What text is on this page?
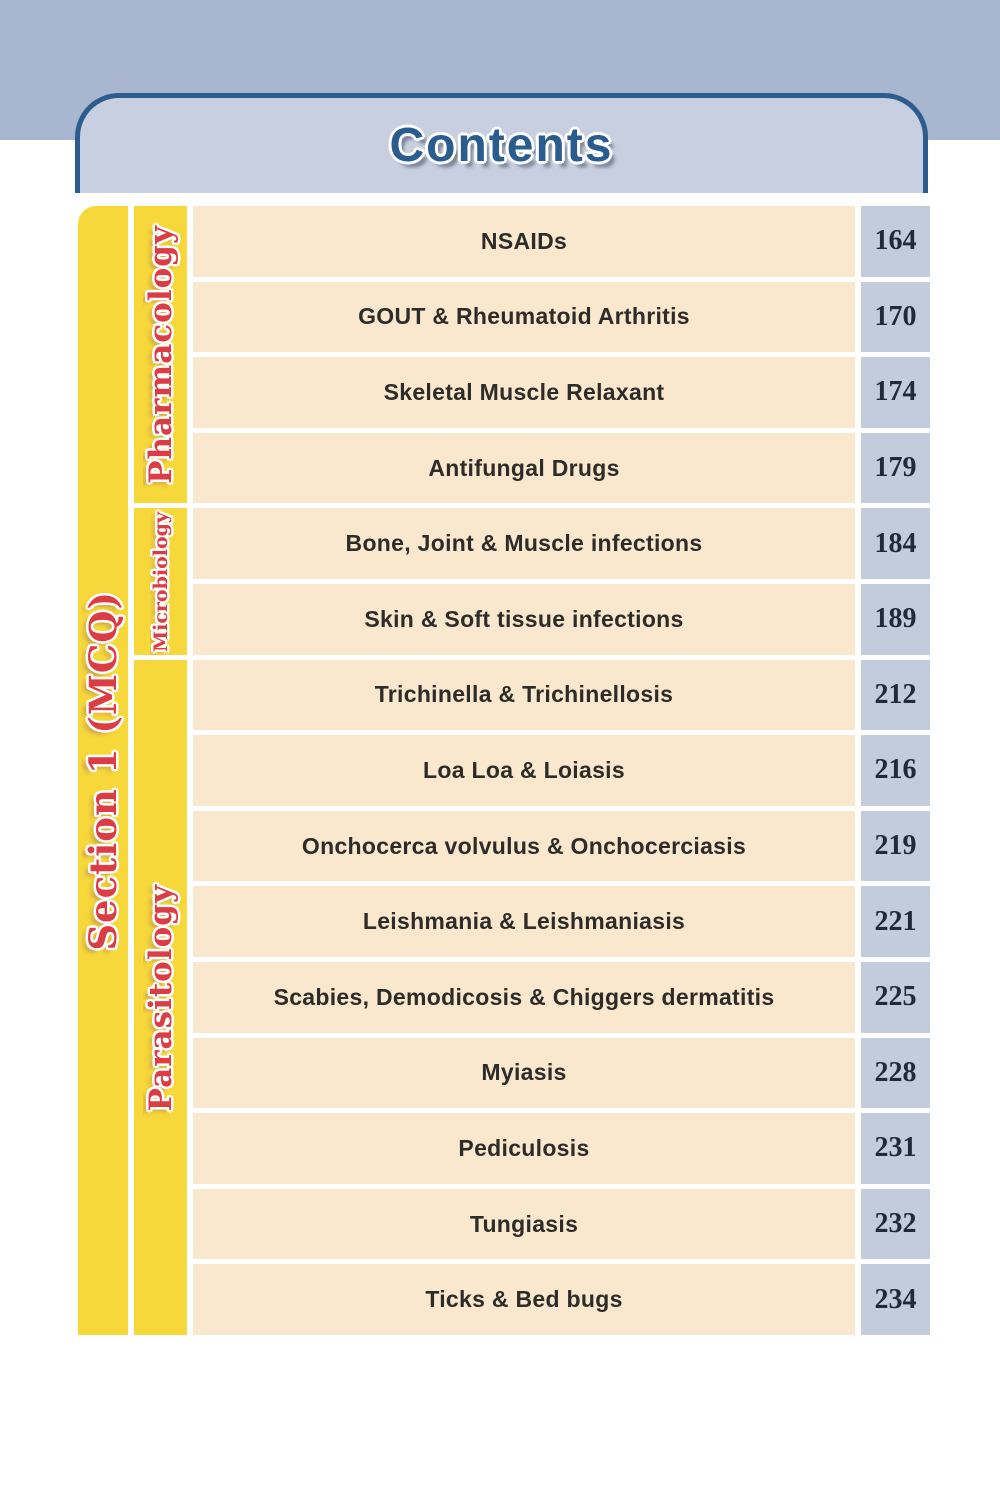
Contents
Section 1 (MCQ)
Pharmacology	NSAIDs	164
GOUT & Rheumatoid Arthritis	170
Skeletal Muscle Relaxant	174
Antifungal Drugs	179
Microbiology	Bone, Joint & Muscle infections	184
Skin & Soft tissue infections	189
Parasitology
Trichinella & Trichinellosis	212
Loa Loa & Loiasis	216
Onchocerca volvulus & Onchocerciasis	219
Leishmania & Leishmaniasis	221
Scabies, Demodicosis & Chiggers dermatitis	225
Myiasis	228
Pediculosis	231
Tungiasis	232
Ticks & Bed bugs	234
